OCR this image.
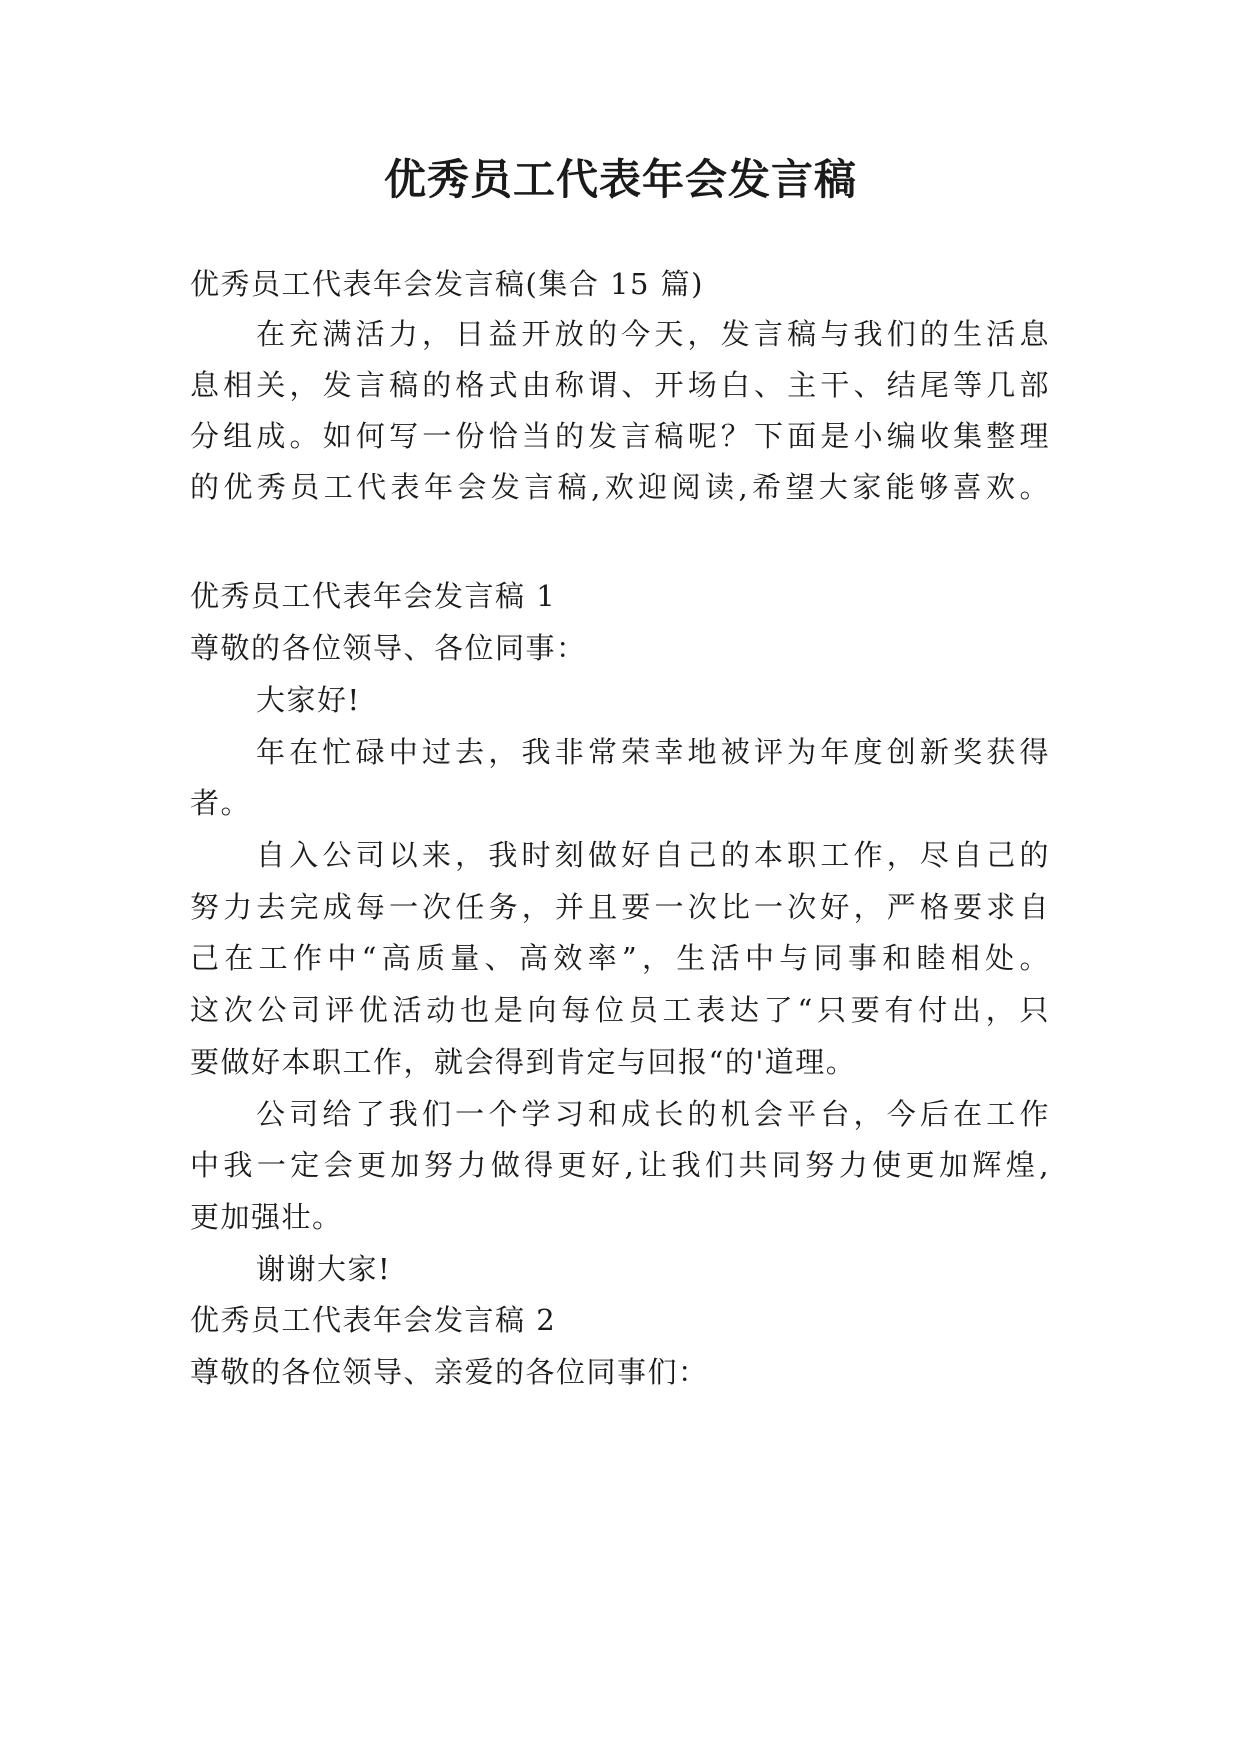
优秀员工代表年会发言稿
优秀员工代表年会发言稿(集合 15 篇)
在充满活力，日益开放的今天，发言稿与我们的生活息
息相关，发言稿的格式由称谓、开场白、主干、结尾等几部
分组成。如何写一份恰当的发言稿呢？下面是小编收集整理
的优秀员工代表年会发言稿,欢迎阅读,希望大家能够喜欢。
优秀员工代表年会发言稿 1
尊敬的各位领导、各位同事：
大家好!
年在忙碌中过去，我非常荣幸地被评为年度创新奖获得
者。
自入公司以来，我时刻做好自己的本职工作，尽自己的
努力去完成每一次任务，并且要一次比一次好，严格要求自
己在工作中“高质量、高效率”，生活中与同事和睦相处。
这次公司评优活动也是向每位员工表达了“只要有付出，只
要做好本职工作，就会得到肯定与回报“的'道理。
公司给了我们一个学习和成长的机会平台，今后在工作
中我一定会更加努力做得更好,让我们共同努力使更加辉煌,
更加强壮。
谢谢大家!
优秀员工代表年会发言稿 2
尊敬的各位领导、亲爱的各位同事们：
